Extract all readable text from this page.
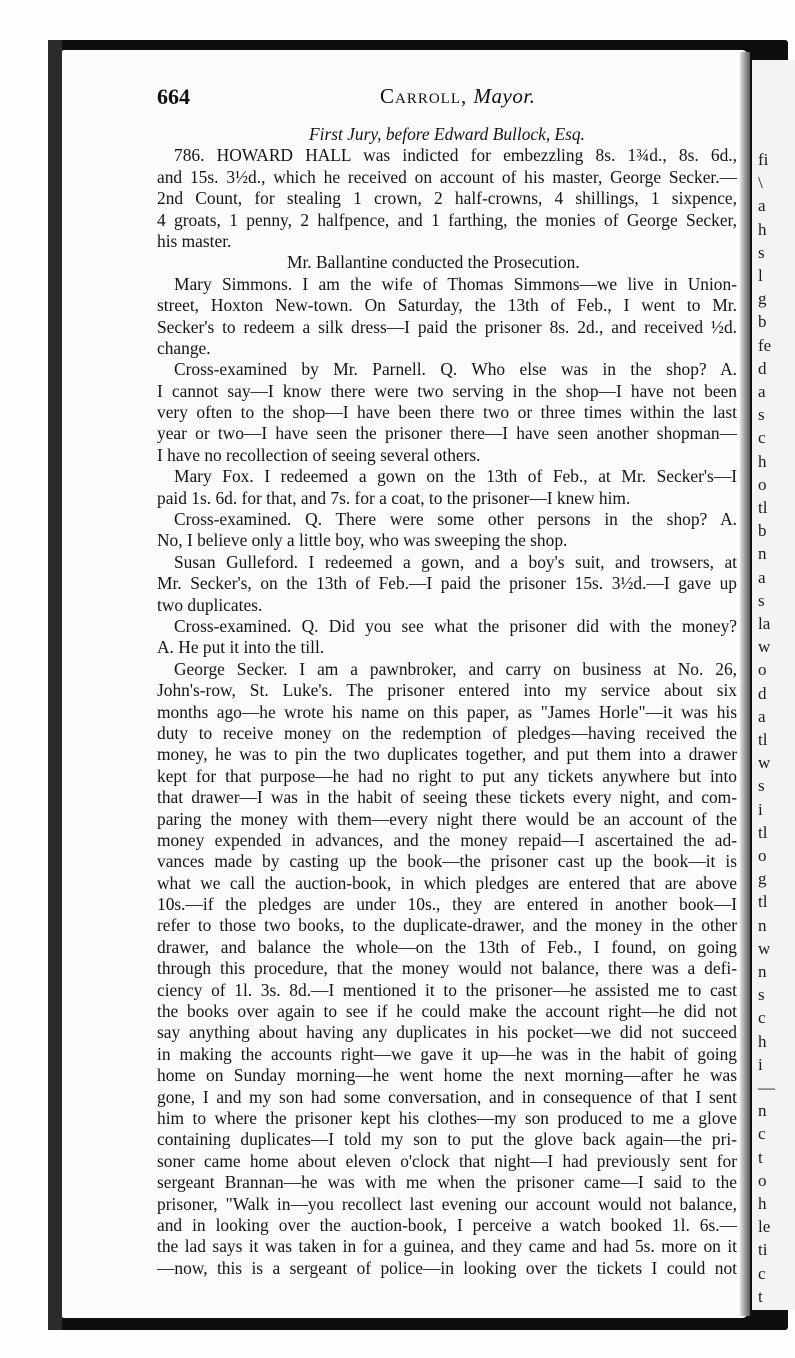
fi
\
a
h
s
l
g
b
fe
d
a
s
c
h
o
tl
b
n
a
s
la
w
o
d
a
tl
w
s
i
tl
o
g
tl
n
w
n
s
c
h
i
—
n
c
t
o
h
le
ti
c
t
664	Carroll, Mayor.
First Jury, before Edward Bullock, Esq.
786. HOWARD HALL was indicted for embezzling 8s. 1¾d., 8s. 6d.,
and 15s. 3½d., which he received on account of his master, George Secker.—
2nd Count, for stealing 1 crown, 2 half-crowns, 4 shillings, 1 sixpence,
4 groats, 1 penny, 2 halfpence, and 1 farthing, the monies of George Secker,
his master.
Mr. Ballantine conducted the Prosecution.
Mary Simmons. I am the wife of Thomas Simmons—we live in Union-
street, Hoxton New-town. On Saturday, the 13th of Feb., I went to Mr.
Secker's to redeem a silk dress—I paid the prisoner 8s. 2d., and received ½d.
change.
Cross-examined by Mr. Parnell. Q. Who else was in the shop? A.
I cannot say—I know there were two serving in the shop—I have not been
very often to the shop—I have been there two or three times within the last
year or two—I have seen the prisoner there—I have seen another shopman—
I have no recollection of seeing several others.
Mary Fox. I redeemed a gown on the 13th of Feb., at Mr. Secker's—I
paid 1s. 6d. for that, and 7s. for a coat, to the prisoner—I knew him.
Cross-examined. Q. There were some other persons in the shop? A.
No, I believe only a little boy, who was sweeping the shop.
Susan Gulleford. I redeemed a gown, and a boy's suit, and trowsers, at
Mr. Secker's, on the 13th of Feb.—I paid the prisoner 15s. 3½d.—I gave up
two duplicates.
Cross-examined. Q. Did you see what the prisoner did with the money?
A. He put it into the till.
George Secker. I am a pawnbroker, and carry on business at No. 26,
John's-row, St. Luke's. The prisoner entered into my service about six
months ago—he wrote his name on this paper, as "James Horle"—it was his
duty to receive money on the redemption of pledges—having received the
money, he was to pin the two duplicates together, and put them into a drawer
kept for that purpose—he had no right to put any tickets anywhere but into
that drawer—I was in the habit of seeing these tickets every night, and com-
paring the money with them—every night there would be an account of the
money expended in advances, and the money repaid—I ascertained the ad-
vances made by casting up the book—the prisoner cast up the book—it is
what we call the auction-book, in which pledges are entered that are above
10s.—if the pledges are under 10s., they are entered in another book—I
refer to those two books, to the duplicate-drawer, and the money in the other
drawer, and balance the whole—on the 13th of Feb., I found, on going
through this procedure, that the money would not balance, there was a defi-
ciency of 1l. 3s. 8d.—I mentioned it to the prisoner—he assisted me to cast
the books over again to see if he could make the account right—he did not
say anything about having any duplicates in his pocket—we did not succeed
in making the accounts right—we gave it up—he was in the habit of going
home on Sunday morning—he went home the next morning—after he was
gone, I and my son had some conversation, and in consequence of that I sent
him to where the prisoner kept his clothes—my son produced to me a glove
containing duplicates—I told my son to put the glove back again—the pri-
soner came home about eleven o'clock that night—I had previously sent for
sergeant Brannan—he was with me when the prisoner came—I said to the
prisoner, "Walk in—you recollect last evening our account would not balance,
and in looking over the auction-book, I perceive a watch booked 1l. 6s.—
the lad says it was taken in for a guinea, and they came and had 5s. more on it
—now, this is a sergeant of police—in looking over the tickets I could not
